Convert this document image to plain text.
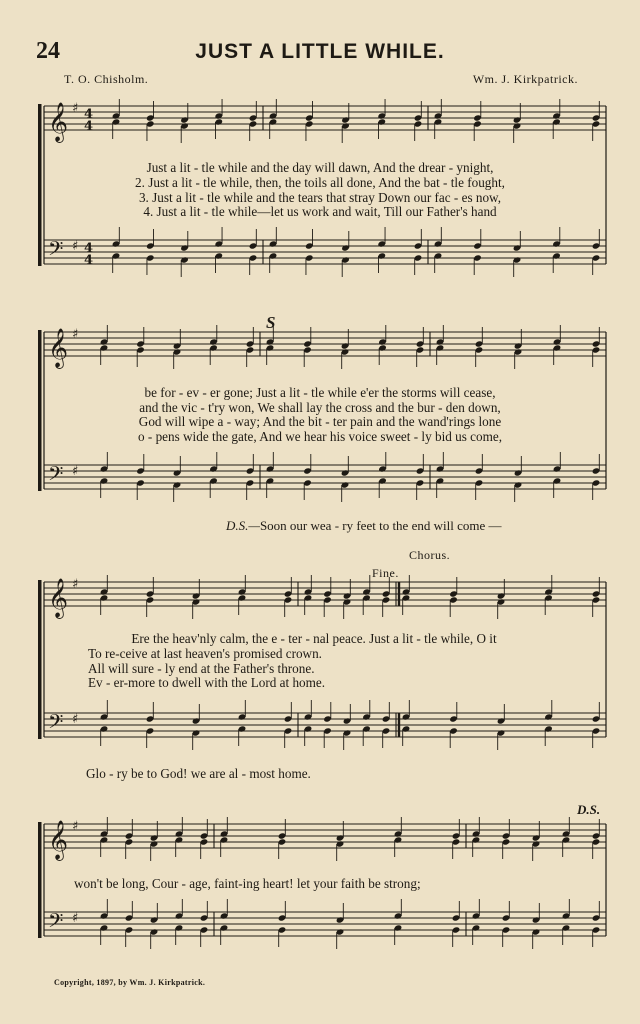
24	JUST A LITTLE WHILE.
T. O. Chisholm.	Wm. J. Kirkpatrick.
𝄞
𝄢
♯
♯
4
4
4
4
𝄞
𝄢
♯
♯
𝄞
𝄢
♯
♯
𝄞
𝄢
♯
♯
Just a lit - tle while and the day will dawn, And the drear - ynight,
2. Just a lit - tle while, then, the toils all done, And the bat - tle fought,
3. Just a lit - tle while and the tears that stray Down our fac - es now,
4. Just a lit - tle while—let us work and wait, Till our Father's hand
be for - ev - er gone; Just a lit - tle while e'er the storms will cease,
and the vic - t'ry won, We shall lay the cross and the bur - den down,
God will wipe a - way; And the bit - ter pain and the wand'rings lone
o - pens wide the gate, And we hear his voice sweet - ly bid us come,
D.S.—Soon our wea - ry feet to the end will come —
Chorus.
Fine.
S
Ere the heav'nly calm, the e - ter - nal peace. Just a lit - tle while, O it
To re-ceive at last heaven's promised crown.
All will sure - ly end at the Father's throne.
Ev - er-more to dwell with the Lord at home.
Glo - ry be to God! we are al - most home.
D.S.
won't be long, Cour - age, faint-ing heart! let your faith be strong;
Copyright, 1897, by Wm. J. Kirkpatrick.
